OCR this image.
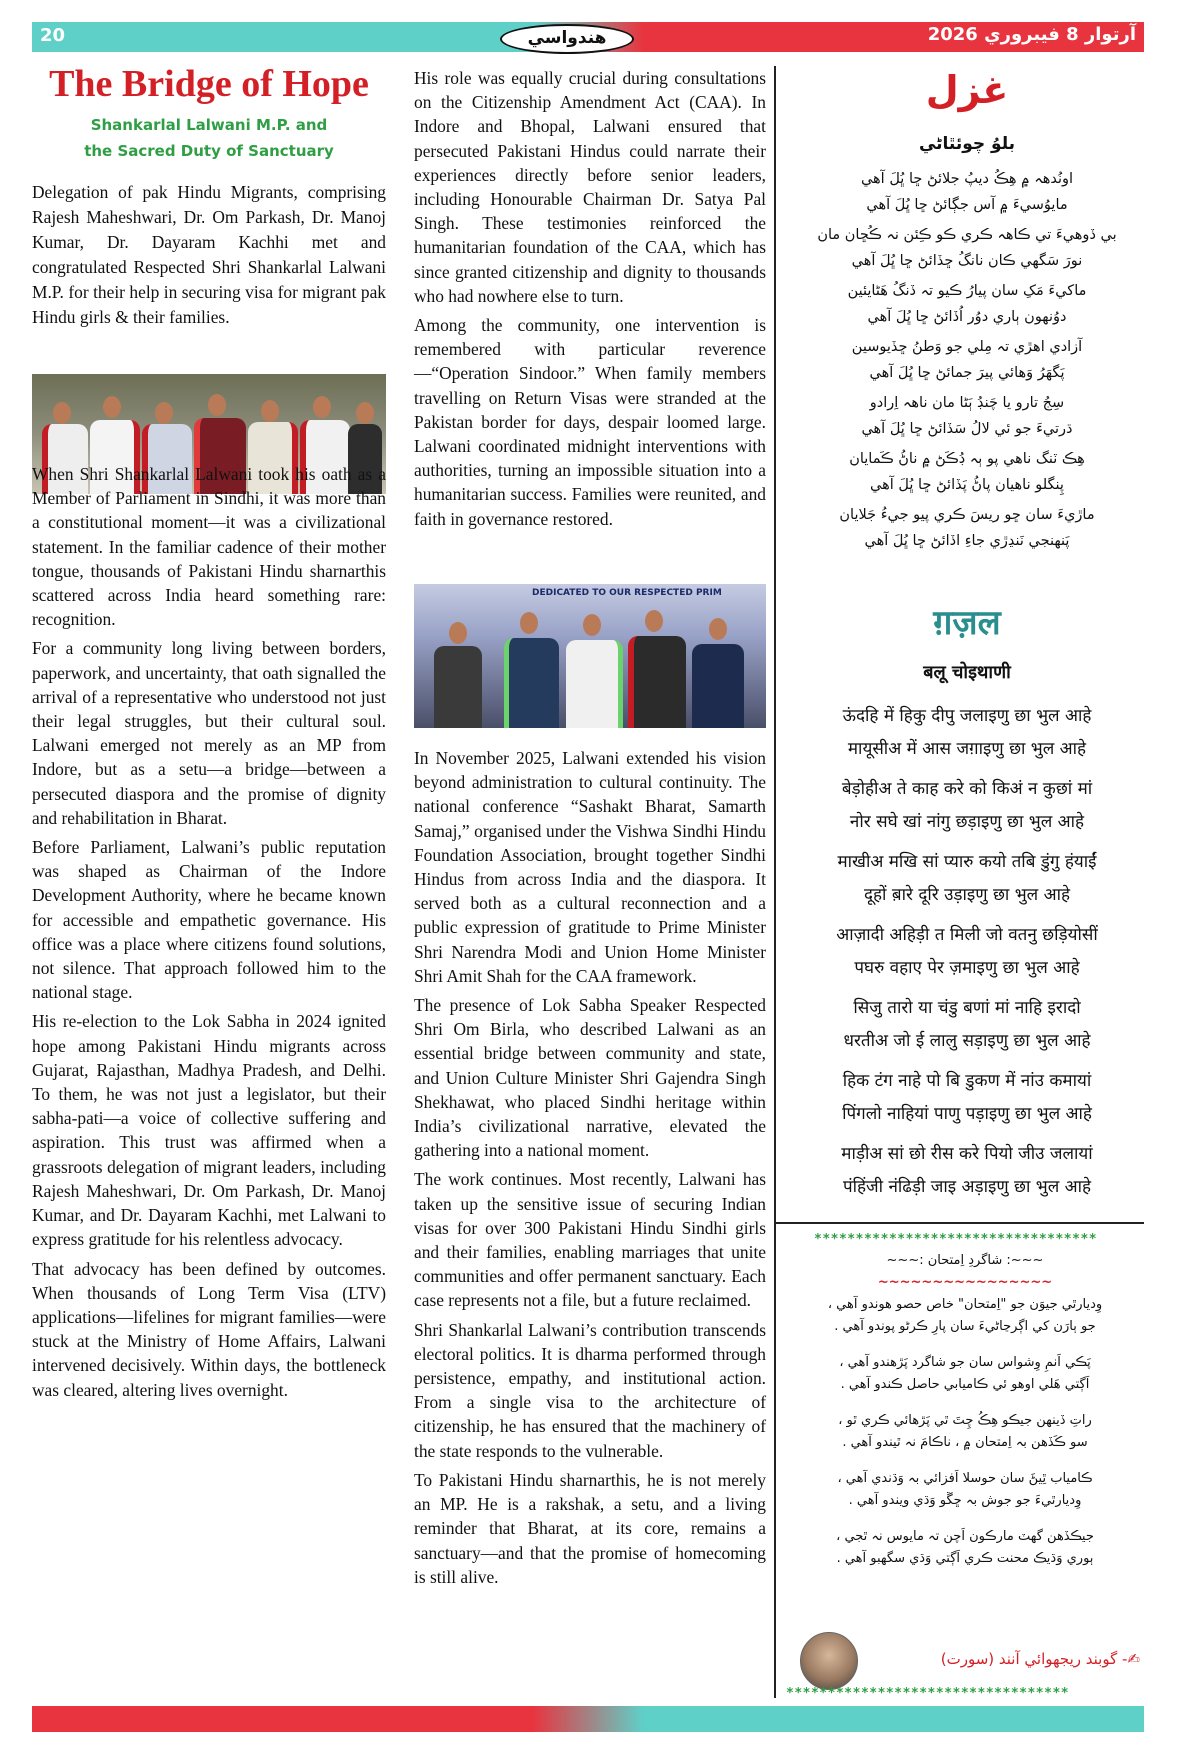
20	هندواسي	آرتوار 8 فيبروري 2026
The Bridge of Hope
Shankarlal Lalwani M.P. and
the Sacred Duty of Sanctuary
Delegation of pak Hindu Migrants, comprising Rajesh Maheshwari, Dr. Om Parkash, Dr. Manoj Kumar, Dr. Dayaram Kachhi met and congratulated Respected Shri Shankarlal Lalwani M.P. for their help in securing visa for migrant pak Hindu girls & their families.

When Shri Shankarlal Lalwani took his oath as a Member of Parliament in Sindhi, it was more than a constitutional moment—it was a civilizational statement. In the familiar cadence of their mother tongue, thousands of Pakistani Hindu sharnarthis scattered across India heard something rare: recognition.

For a community long living between borders, paperwork, and uncertainty, that oath signalled the arrival of a representative who understood not just their legal struggles, but their cultural soul. Lalwani emerged not merely as an MP from Indore, but as a setu—a bridge—between a persecuted diaspora and the promise of dignity and rehabilitation in Bharat.

Before Parliament, Lalwani’s public reputation was shaped as Chairman of the Indore Development Authority, where he became known for accessible and empathetic governance. His office was a place where citizens found solutions, not silence. That approach followed him to the national stage.

His re-election to the Lok Sabha in 2024 ignited hope among Pakistani Hindu migrants across Gujarat, Rajasthan, Madhya Pradesh, and Delhi. To them, he was not just a legislator, but their sabha-pati—a voice of collective suffering and aspiration. This trust was affirmed when a grassroots delegation of migrant leaders, including Rajesh Maheshwari, Dr. Om Parkash, Dr. Manoj Kumar, and Dr. Dayaram Kachhi, met Lalwani to express gratitude for his relentless advocacy.

That advocacy has been defined by outcomes. When thousands of Long Term Visa (LTV) applications—lifelines for migrant families—were stuck at the Ministry of Home Affairs, Lalwani intervened decisively. Within days, the bottleneck was cleared, altering lives overnight.

His role was equally crucial during consultations on the Citizenship Amendment Act (CAA). In Indore and Bhopal, Lalwani ensured that persecuted Pakistani Hindus could narrate their experiences directly before senior leaders, including Honourable Chairman Dr. Satya Pal Singh. These testimonies reinforced the humanitarian foundation of the CAA, which has since granted citizenship and dignity to thousands who had nowhere else to turn.

Among the community, one intervention is remembered with particular reverence—“Operation Sindoor.” When family members travelling on Return Visas were stranded at the Pakistan border for days, despair loomed large. Lalwani coordinated midnight interventions with authorities, turning an impossible situation into a humanitarian success. Families were reunited, and faith in governance restored.

DEDICATED TO OUR RESPECTED PRIM

In November 2025, Lalwani extended his vision beyond administration to cultural continuity. The national conference “Sashakt Bharat, Samarth Samaj,” organised under the Vishwa Sindhi Hindu Foundation Association, brought together Sindhi Hindus from across India and the diaspora. It served both as a cultural reconnection and a public expression of gratitude to Prime Minister Shri Narendra Modi and Union Home Minister Shri Amit Shah for the CAA framework.

The presence of Lok Sabha Speaker Respected Shri Om Birla, who described Lalwani as an essential bridge between community and state, and Union Culture Minister Shri Gajendra Singh Shekhawat, who placed Sindhi heritage within India’s civilizational narrative, elevated the gathering into a national moment.

The work continues. Most recently, Lalwani has taken up the sensitive issue of securing Indian visas for over 300 Pakistani Hindu Sindhi girls and their families, enabling marriages that unite communities and offer permanent sanctuary. Each case represents not a file, but a future reclaimed.

Shri Shankarlal Lalwani’s contribution transcends electoral politics. It is dharma performed through persistence, empathy, and institutional action. From a single visa to the architecture of citizenship, he has ensured that the machinery of the state responds to the vulnerable.

To Pakistani Hindu sharnarthis, he is not merely an MP. He is a rakshak, a setu, and a living reminder that Bharat, at its core, remains a sanctuary—and that the promise of homecoming is still alive.

غزل
بلوُ چوئٿاڻي
اونُدهہ ۾ هِڪُ ديپُ جلائڻ ڇا ڀُلَ آهي
مايوُسيءَ ۾ آس جڳائڻ ڇا ڀُلَ آهي
بي ڏوهيءَ تي ڪاهہ ڪري ڪو ڪِئن نہ ڪُڇان مان
نورَ سَگهي ڪان نانگُ ڇڏائڻ ڇا ڀُلَ آهي
ماکيءَ مَکِ سان پيارُ ڪيو تہ ڏنگُ هَڻايئين
دوُنهون ٻاري دوُر اُڏائڻ ڇا ڀُلَ آهي
آزادي اهڙي تہ مِلي جو وَطنُ ڇڏيوسين
پَگهَرُ وَهائي پيرَ جمائڻ ڇا ڀُلَ آهي
سِجُ تارو يا چَنڊُ ٻَڻا مان ناهہ اِرادو
ڌرتيءَ جو ئي لالُ سَڏائڻ ڇا ڀُلَ آهي
هِڪ ٽنگ ناهي پو ٻہ ڊُڪَڻ ۾ ناڻُ ڪَمايان
پِنگلو ناهيان پاڻُ پَڏائڻ ڇا ڀُلَ آهي
ماڙيءَ سان ڇو ريسَ ڪري پيو جيءُ جَلايان
پَنهنجي نَنڍڙي جاءِ اڏائڻ ڇا ڀُلَ آهي
ग़ज़ल
बलू चोइथाणी
ऊंदहि में हिकु दीपु जलाइणु छा भुल आहे
मायूसीअ में आस जग़ाइणु छा भुल आहे
बेड़ोहीअ ते काह करे को किअं न कुछां मां
नोर सघे खां नांगु छड़ाइणु छा भुल आहे
माखीअ मखि सां प्यारु कयो तबि डुंगु हंयाईं
दूहों ब़ारे दूरि उड़ाइणु छा भुल आहे
आज़ादी अहिड़ी त मिली जो वतनु छड़ियोसीं
पघरु वहाए पेर ज़माइणु छा भुल आहे
सिजु तारो या चंडु बणां मां नाहि इरादो
धरतीअ जो ई लालु सड़ाइणु छा भुल आहे
हिक टंग नाहे पो बि डुकण में नांउ कमायां
पिंगलो नाहियां पाणु पड़ाइणु छा भुल आहे
माड़ीअ सां छो रीस करे पियो जीउ जलायां
पंहिंजी नंढिड़ी जाइ अड़ाइणु छा भुल आहे
**********************************
~~~: شاگردِ اِمتحان :~~~
~~~~~~~~~~~~~~~~
وِديارٿي جيوَن جو "اِمتحان" خاص حصو هوندو آهي ،
جو ٻارَن کي اڳرڃاڻيءَ سان پارِ ڪرڻو پوندو آهي .
پَڪي اَنمِ وِشواس سان جو شاگرد پَڙهندو آهي ،
اَڳتي هَلي اوهو ئي ڪاميابي حاصل ڪندو آهي .
راتِ ڏينهن جيڪو هِڪُ چِتَ ٿي پَڙهائي ڪري ٿو ،
سو ڪَڏهن بہ اِمتحان ۾ ، ناڪامَ نہ ٿيندو آهي .
ڪامياب ٿِيڻَ سان حوسلا اَفزائي بہ وَڌندي آهي ،
وِديارٿيءَ جو جوش بہ ڇڱو وَڌي ويندو آهي .
جيڪڏهن گهٽ مارڪون اَچن تہ مايوس نہ ٿجي ،
ٻوري وَڌيڪ محنت ڪري اَڳتي وَڌي سگهبو آهي .
✍- گوبند ريجهوائي آنند (سورت)
**********************************
